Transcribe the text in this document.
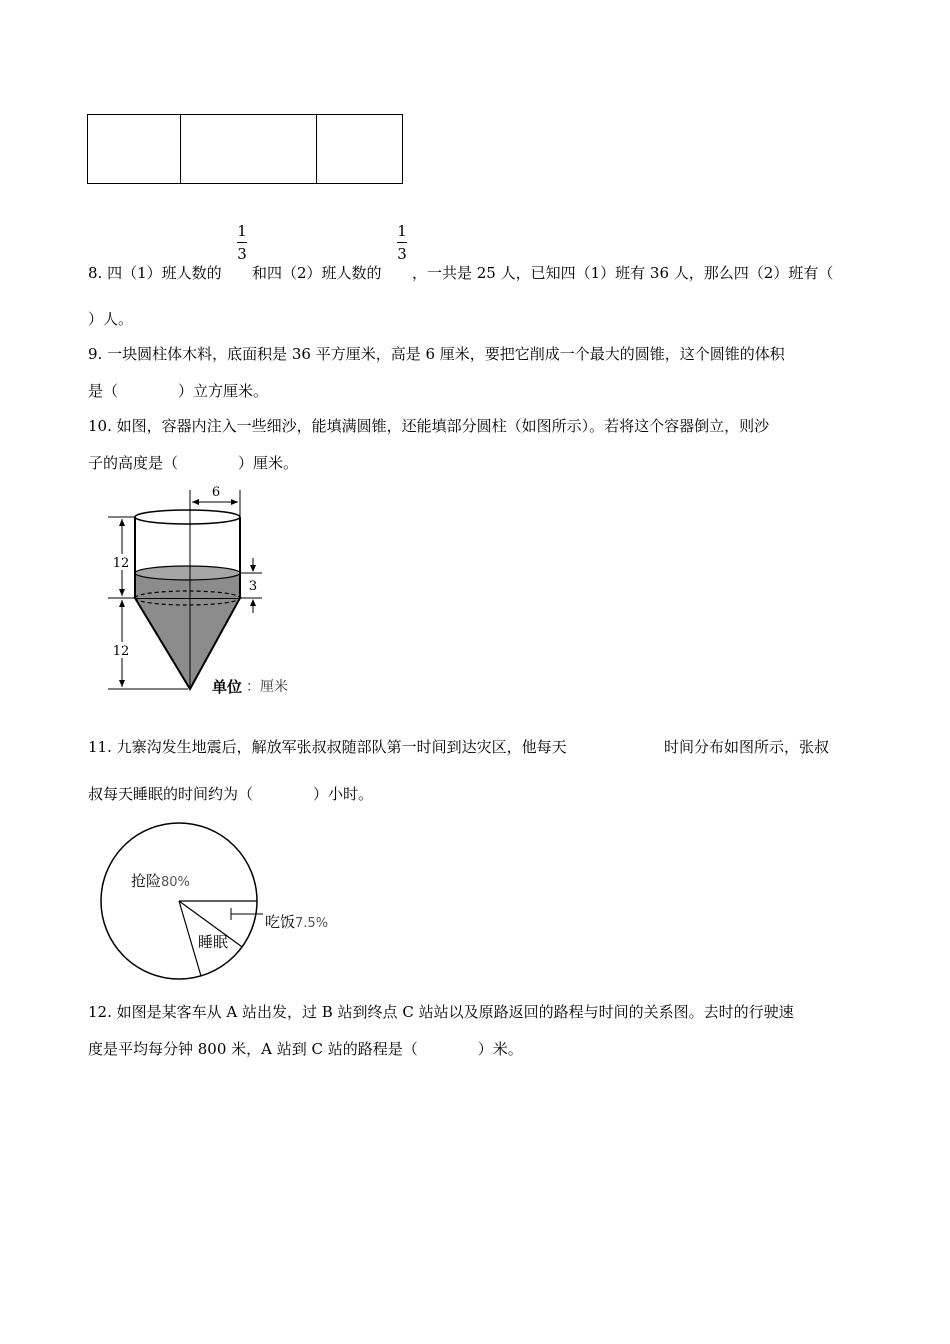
1
3
1
3
8. 四（1）班人数的 和四（2）班人数的 ，一共是 25 人，已知四（1）班有 36 人，那么四（2）班有（
）人。
9. 一块圆柱体木料，底面积是 36 平方厘米，高是 6 厘米，要把它削成一个最大的圆锥，这个圆锥的体积
是（　　　　）立方厘米。
10. 如图，容器内注入一些细沙，能填满圆锥，还能填部分圆柱（如图所示）。若将这个容器倒立，则沙
子的高度是（　　　　）厘米。
6
12
12
3
单位 ：厘米
11. 九寨沟发生地震后，解放军张叔叔随部队第一时间到达灾区，他每天	时间分布如图所示，张叔
叔每天睡眠的时间约为（　　　　）小时。
抢险80%
吃饭7.5%
睡眠
12. 如图是某客车从 A 站出发，过 B 站到终点 C 站站以及原路返回的路程与时间的关系图。去时的行驶速
度是平均每分钟 800 米，A 站到 C 站的路程是（　　　　）米。
